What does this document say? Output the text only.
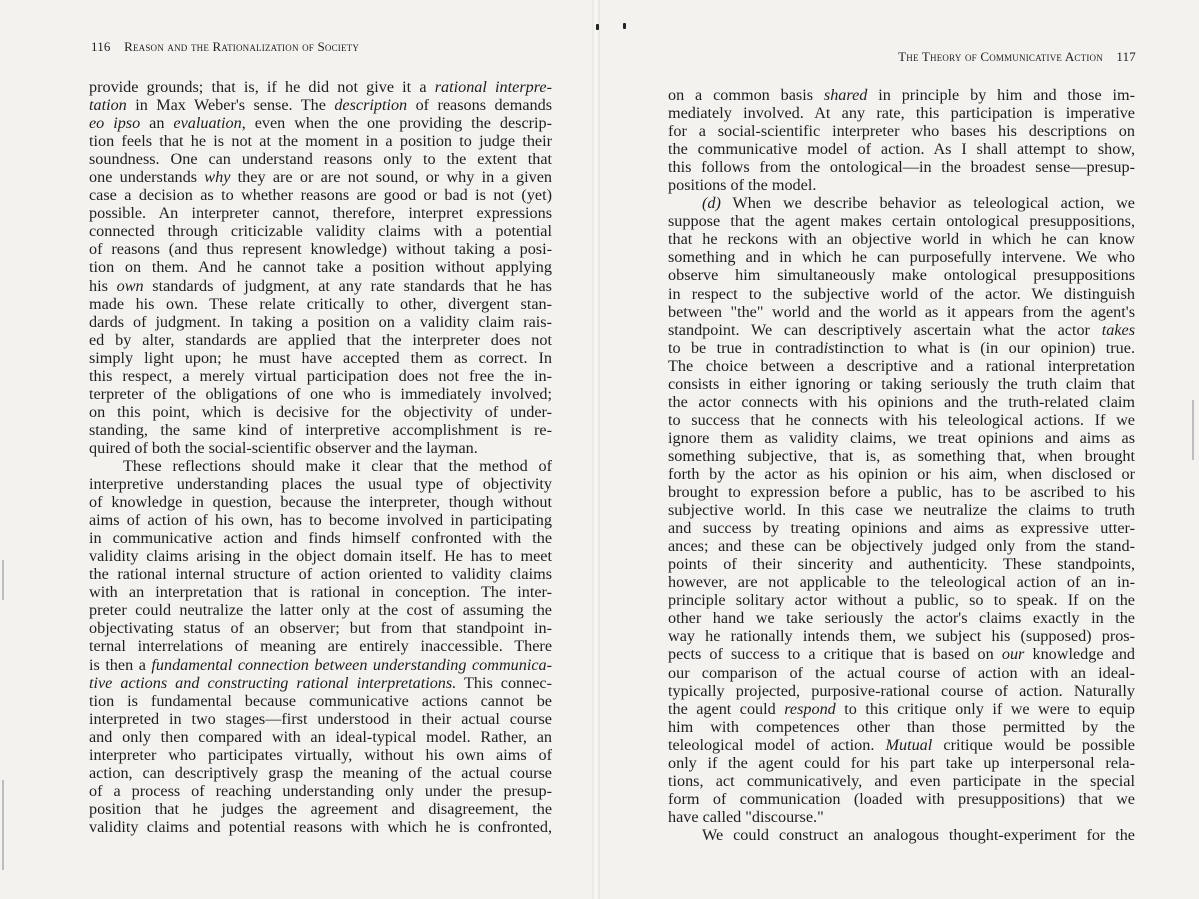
116 Reason and the Rationalization of Society
provide grounds; that is, if he did not give it a rational interpre-
tation in Max Weber's sense. The description of reasons demands
eo ipso an evaluation, even when the one providing the descrip-
tion feels that he is not at the moment in a position to judge their
soundness. One can understand reasons only to the extent that
one understands why they are or are not sound, or why in a given
case a decision as to whether reasons are good or bad is not (yet)
possible. An interpreter cannot, therefore, interpret expressions
connected through criticizable validity claims with a potential
of reasons (and thus represent knowledge) without taking a posi-
tion on them. And he cannot take a position without applying
his own standards of judgment, at any rate standards that he has
made his own. These relate critically to other, divergent stan-
dards of judgment. In taking a position on a validity claim rais-
ed by alter, standards are applied that the interpreter does not
simply light upon; he must have accepted them as correct. In
this respect, a merely virtual participation does not free the in-
terpreter of the obligations of one who is immediately involved;
on this point, which is decisive for the objectivity of under-
standing, the same kind of interpretive accomplishment is re-
quired of both the social-scientific observer and the layman.
These reflections should make it clear that the method of
interpretive understanding places the usual type of objectivity
of knowledge in question, because the interpreter, though without
aims of action of his own, has to become involved in participating
in communicative action and finds himself confronted with the
validity claims arising in the object domain itself. He has to meet
the rational internal structure of action oriented to validity claims
with an interpretation that is rational in conception. The inter-
preter could neutralize the latter only at the cost of assuming the
objectivating status of an observer; but from that standpoint in-
ternal interrelations of meaning are entirely inaccessible. There
is then a fundamental connection between understanding communica-
tive actions and constructing rational interpretations. This connec-
tion is fundamental because communicative actions cannot be
interpreted in two stages—first understood in their actual course
and only then compared with an ideal-typical model. Rather, an
interpreter who participates virtually, without his own aims of
action, can descriptively grasp the meaning of the actual course
of a process of reaching understanding only under the presup-
position that he judges the agreement and disagreement, the
validity claims and potential reasons with which he is confronted,
The Theory of Communicative Action 117
on a common basis shared in principle by him and those im-
mediately involved. At any rate, this participation is imperative
for a social-scientific interpreter who bases his descriptions on
the communicative model of action. As I shall attempt to show,
this follows from the ontological—in the broadest sense—presup-
positions of the model.
(d) When we describe behavior as teleological action, we
suppose that the agent makes certain ontological presuppositions,
that he reckons with an objective world in which he can know
something and in which he can purposefully intervene. We who
observe him simultaneously make ontological presuppositions
in respect to the subjective world of the actor. We distinguish
between "the" world and the world as it appears from the agent's
standpoint. We can descriptively ascertain what the actor takes
to be true in contradistinction to what is (in our opinion) true.
The choice between a descriptive and a rational interpretation
consists in either ignoring or taking seriously the truth claim that
the actor connects with his opinions and the truth-related claim
to success that he connects with his teleological actions. If we
ignore them as validity claims, we treat opinions and aims as
something subjective, that is, as something that, when brought
forth by the actor as his opinion or his aim, when disclosed or
brought to expression before a public, has to be ascribed to his
subjective world. In this case we neutralize the claims to truth
and success by treating opinions and aims as expressive utter-
ances; and these can be objectively judged only from the stand-
points of their sincerity and authenticity. These standpoints,
however, are not applicable to the teleological action of an in-
principle solitary actor without a public, so to speak. If on the
other hand we take seriously the actor's claims exactly in the
way he rationally intends them, we subject his (supposed) pros-
pects of success to a critique that is based on our knowledge and
our comparison of the actual course of action with an ideal-
typically projected, purposive-rational course of action. Naturally
the agent could respond to this critique only if we were to equip
him with competences other than those permitted by the
teleological model of action. Mutual critique would be possible
only if the agent could for his part take up interpersonal rela-
tions, act communicatively, and even participate in the special
form of communication (loaded with presuppositions) that we
have called "discourse."
We could construct an analogous thought-experiment for the
